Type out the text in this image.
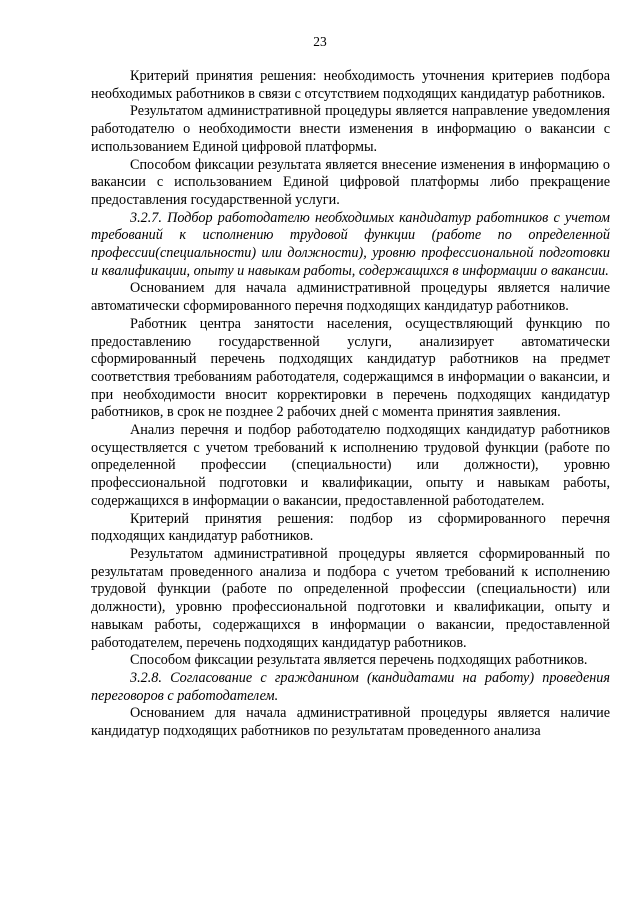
23

Критерий принятия решения: необходимость уточнения критериев подбора необходимых работников в связи с отсутствием подходящих кандидатур работников.

Результатом административной процедуры является направление уведомления работодателю о необходимости внести изменения в информацию о вакансии с использованием Единой цифровой платформы.

Способом фиксации результата является внесение изменения в информацию о вакансии с использованием Единой цифровой платформы либо прекращение предоставления государственной услуги.

3.2.7. Подбор работодателю необходимых кандидатур работников с учетом требований к исполнению трудовой функции (работе по определенной профессии(специальности) или должности), уровню профессиональной подготовки и квалификации, опыту и навыкам работы, содержащихся в информации о вакансии.

Основанием для начала административной процедуры является наличие автоматически сформированного перечня подходящих кандидатур работников.

Работник центра занятости населения, осуществляющий функцию по предоставлению государственной услуги, анализирует автоматически сформированный перечень подходящих кандидатур работников на предмет соответствия требованиям работодателя, содержащимся в информации о вакансии, и при необходимости вносит корректировки в перечень подходящих кандидатур работников, в срок не позднее 2 рабочих дней с момента принятия заявления.

Анализ перечня и подбор работодателю подходящих кандидатур работников осуществляется с учетом требований к исполнению трудовой функции (работе по определенной профессии (специальности) или должности), уровню профессиональной подготовки и квалификации, опыту и навыкам работы, содержащихся в информации о вакансии, предоставленной работодателем.

Критерий принятия решения: подбор из сформированного перечня подходящих кандидатур работников.

Результатом административной процедуры является сформированный по результатам проведенного анализа и подбора с учетом требований к исполнению трудовой функции (работе по определенной профессии (специальности) или должности), уровню профессиональной подготовки и квалификации, опыту и навыкам работы, содержащихся в информации о вакансии, предоставленной работодателем, перечень подходящих кандидатур работников.

Способом фиксации результата является перечень подходящих работников.

3.2.8. Согласование с гражданином (кандидатами на работу) проведения переговоров с работодателем.

Основанием для начала административной процедуры является наличие кандидатур подходящих работников по результатам проведенного анализа
